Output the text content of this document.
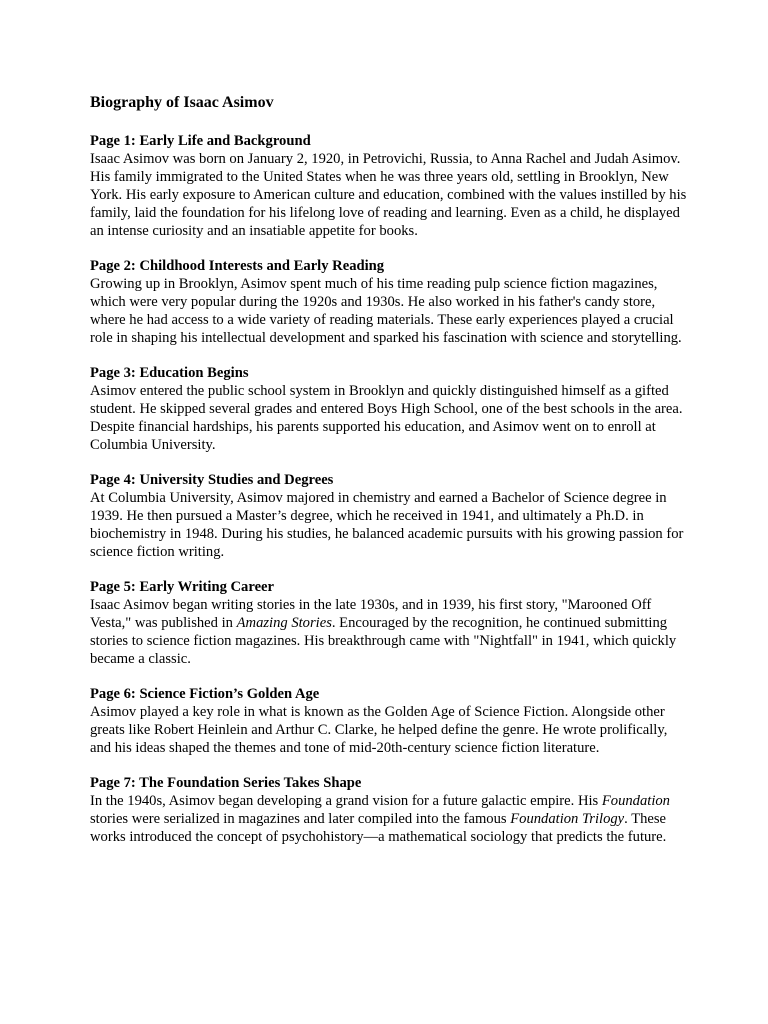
Biography of Isaac Asimov

Page 1: Early Life and Background

Isaac Asimov was born on January 2, 1920, in Petrovichi, Russia, to Anna Rachel and Judah Asimov. His family immigrated to the United States when he was three years old, settling in Brooklyn, New York. His early exposure to American culture and education, combined with the values instilled by his family, laid the foundation for his lifelong love of reading and learning. Even as a child, he displayed an intense curiosity and an insatiable appetite for books.

Page 2: Childhood Interests and Early Reading

Growing up in Brooklyn, Asimov spent much of his time reading pulp science fiction magazines, which were very popular during the 1920s and 1930s. He also worked in his father's candy store, where he had access to a wide variety of reading materials. These early experiences played a crucial role in shaping his intellectual development and sparked his fascination with science and storytelling.

Page 3: Education Begins

Asimov entered the public school system in Brooklyn and quickly distinguished himself as a gifted student. He skipped several grades and entered Boys High School, one of the best schools in the area. Despite financial hardships, his parents supported his education, and Asimov went on to enroll at Columbia University.

Page 4: University Studies and Degrees

At Columbia University, Asimov majored in chemistry and earned a Bachelor of Science degree in 1939. He then pursued a Master’s degree, which he received in 1941, and ultimately a Ph.D. in biochemistry in 1948. During his studies, he balanced academic pursuits with his growing passion for science fiction writing.

Page 5: Early Writing Career

Isaac Asimov began writing stories in the late 1930s, and in 1939, his first story, "Marooned Off Vesta," was published in Amazing Stories. Encouraged by the recognition, he continued submitting stories to science fiction magazines. His breakthrough came with "Nightfall" in 1941, which quickly became a classic.

Page 6: Science Fiction’s Golden Age

Asimov played a key role in what is known as the Golden Age of Science Fiction. Alongside other greats like Robert Heinlein and Arthur C. Clarke, he helped define the genre. He wrote prolifically, and his ideas shaped the themes and tone of mid-20th-century science fiction literature.

Page 7: The Foundation Series Takes Shape

In the 1940s, Asimov began developing a grand vision for a future galactic empire. His Foundation stories were serialized in magazines and later compiled into the famous Foundation Trilogy. These works introduced the concept of psychohistory—a mathematical sociology that predicts the future.
